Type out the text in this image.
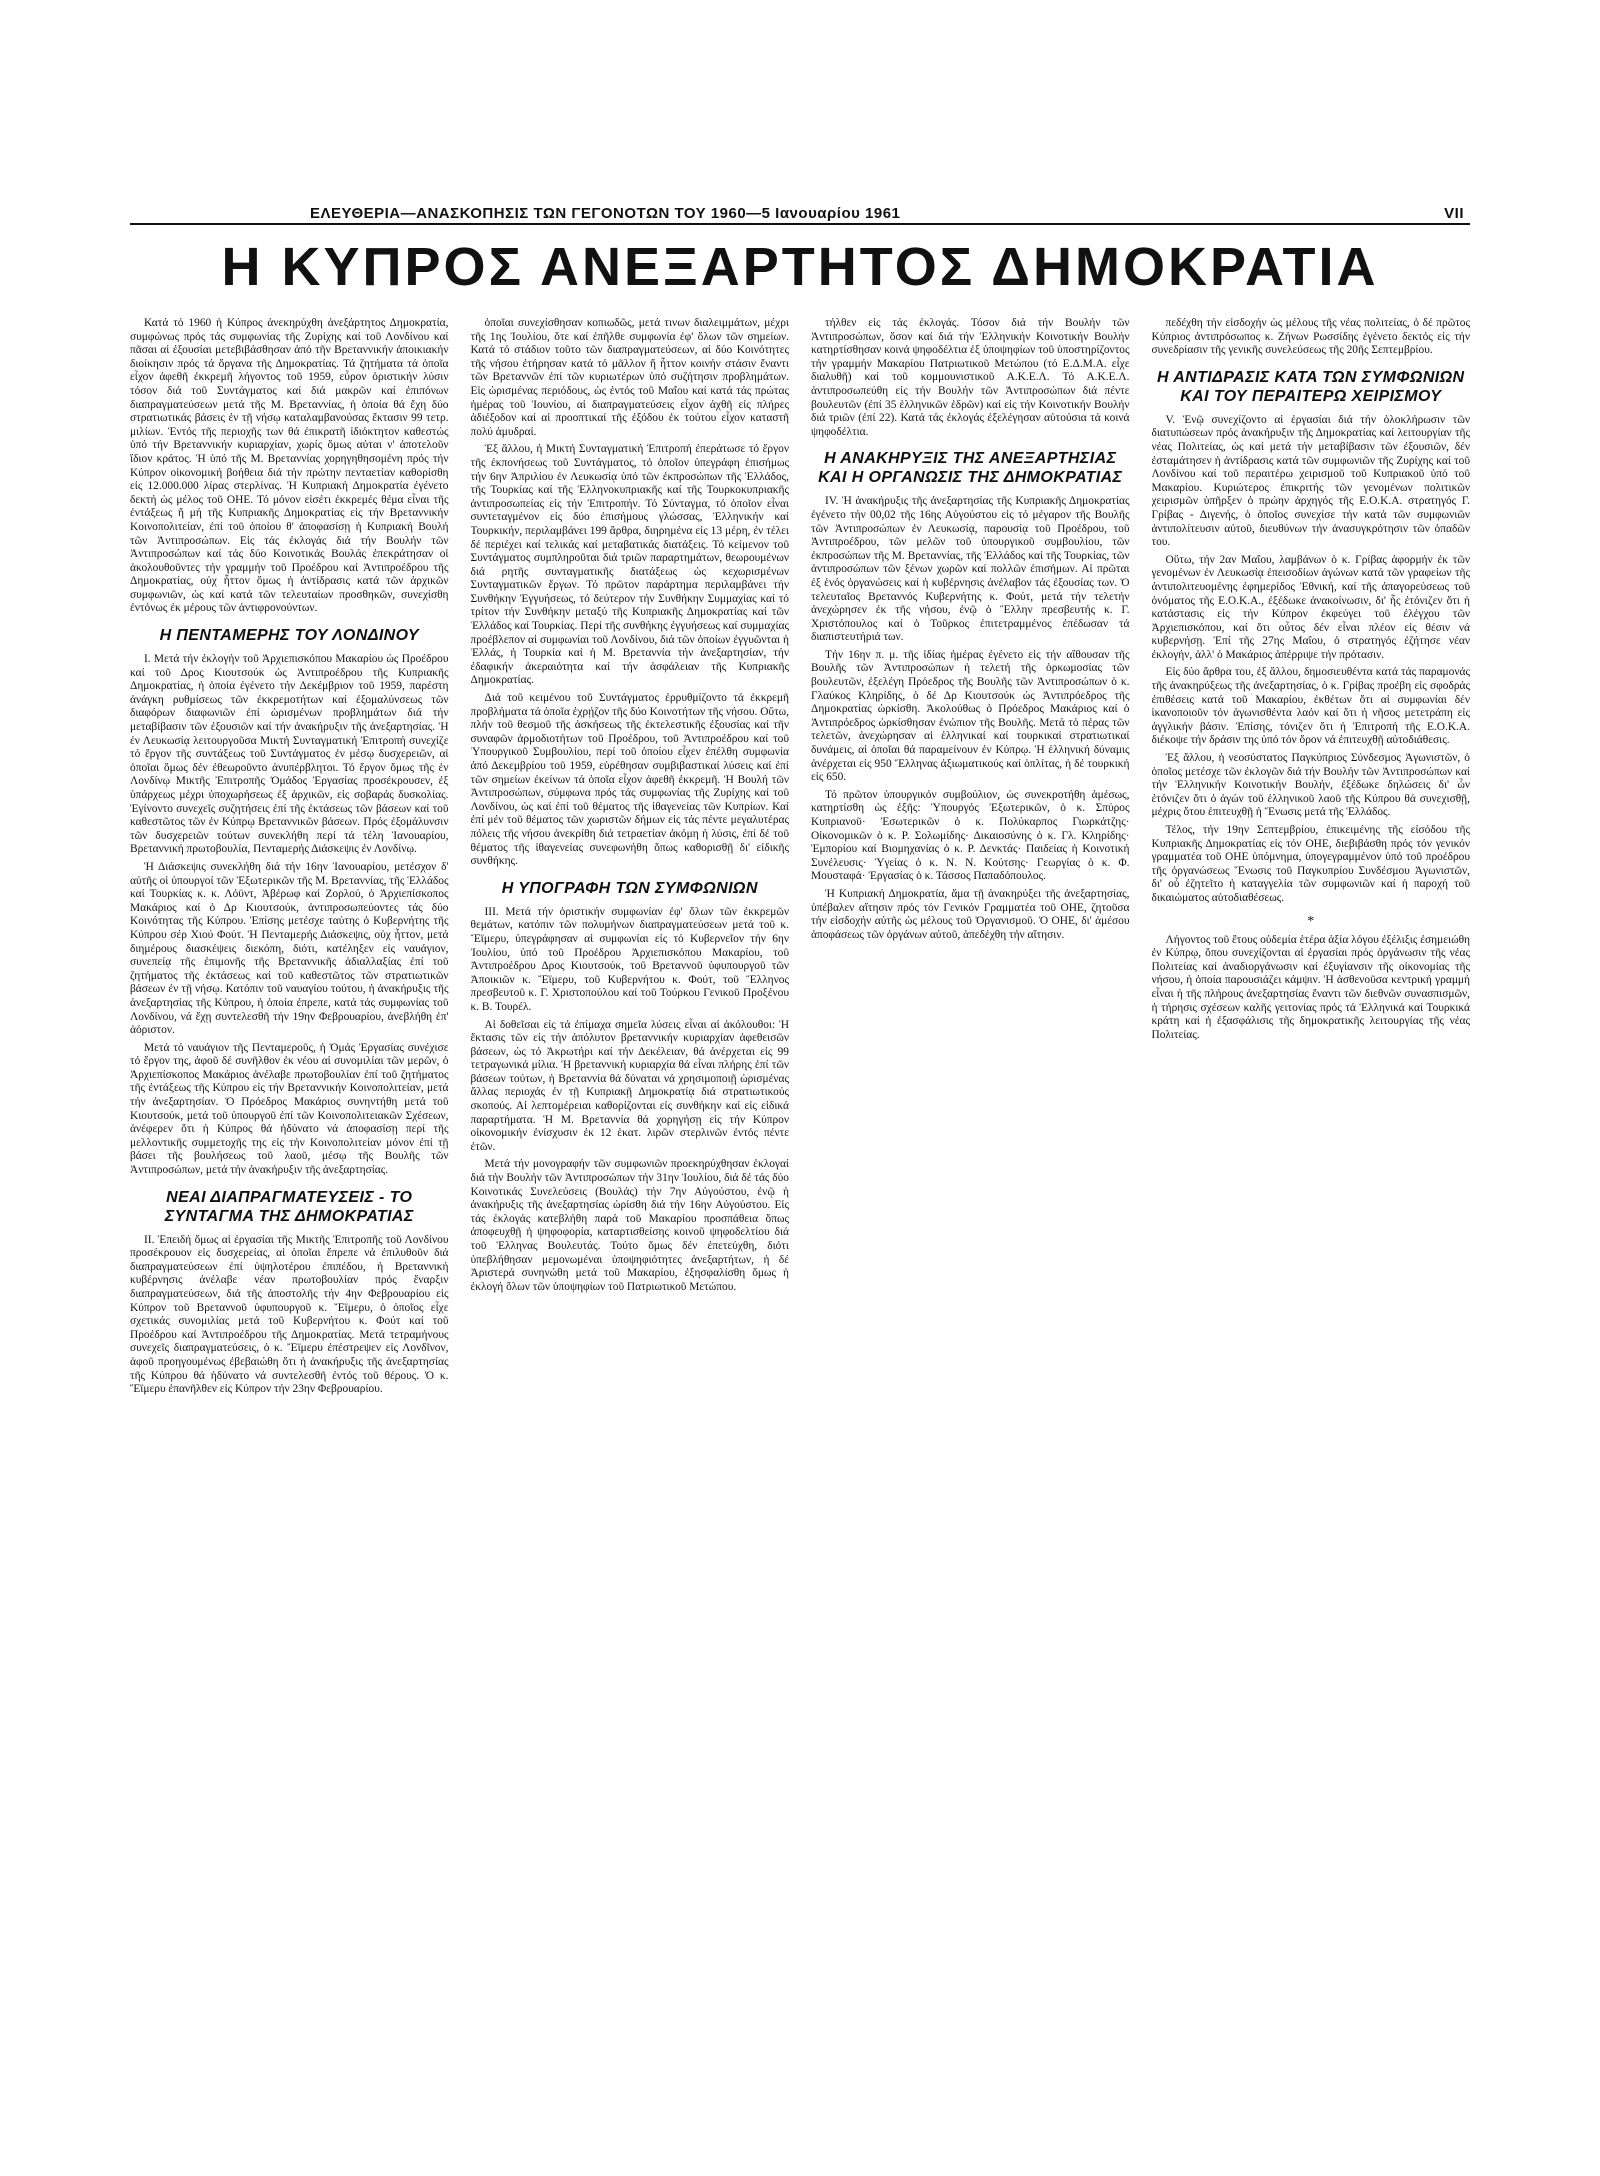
ΕΛΕΥΘΕΡΙΑ—ΑΝΑΣΚΟΠΗΣΙΣ ΤΩΝ ΓΕΓΟΝΟΤΩΝ ΤΟΥ 1960—5 Ιανουαρίου 1961	VII
Η ΚΥΠΡΟΣ ΑΝΕΞΑΡΤΗΤΟΣ ΔΗΜΟΚΡΑΤΙΑ

Κατά τό 1960 ἡ Κύπρος ἀνεκηρύχθη ἀνεξάρτητος Δημοκρατία, συμφώνως πρός τάς συμφωνίας τῆς Ζυρίχης καί τοῦ Λονδίνου καί πᾶσαι αἱ ἐξουσίαι μετεβιβάσθησαν ἀπό τῆν Βρεταννικήν ἀποικιακήν διοίκησιν πρός τά ὄργανα τῆς Δημοκρατίας. Τά ζητήματα τά ὁποῖα εἶχον ἀφεθῆ ἐκκρεμῆ λήγοντος τοῦ 1959, εὗρον ὁριστικήν λύσιν τόσον διά τοῦ Συντάγματος καί διά μακρῶν καί ἐπιπόνων διαπραγματεύσεων μετά τῆς Μ. Βρεταννίας, ἡ ὁποία θά ἔχη δύο στρατιωτικάς βάσεις ἐν τῇ νήσῳ καταλαμβανούσας ἔκτασιν 99 τετρ. μιλίων. Ἐντός τῆς περιοχῆς των θά ἐπικρατῆ ἰδιόκτητον καθεστώς ὑπό τήν Βρεταννικήν κυριαρχίαν, χωρίς ὅμως αὐται ν' ἀποτελοῦν ἴδιον κράτος. Ἡ ὑπό τῆς Μ. Βρεταννίας χορηγηθησομένη πρός τήν Κύπρον οἰκονομική βοήθεια διά τήν πρώτην πενταετίαν καθορίσθη εἰς 12.000.000 λίρας στερλίνας. Ἡ Κυπριακή Δημοκρατία ἐγένετο δεκτή ὡς μέλος τοῦ ΟΗΕ. Τό μόνον εἰσέτι ἐκκρεμές θέμα εἶναι τῆς ἐντάξεως ἤ μή τῆς Κυπριακῆς Δημοκρατίας εἰς τήν Βρεταννικήν Κοινοπολιτείαν, ἐπί τοῦ ὁποίου θ' ἀποφασίσῃ ἡ Κυπριακή Βουλή τῶν Ἀντιπροσώπων. Εἰς τάς ἐκλογάς διά τήν Βουλήν τῶν Ἀντιπροσώπων καί τάς δύο Κοινοτικάς Βουλάς ἐπεκράτησαν οἱ ἀκολουθοῦντες τήν γραμμήν τοῦ Προέδρου καί Ἀντιπροέδρου τῆς Δημοκρατίας, οὐχ ἧττον ὅμως ἡ ἀντίδρασις κατά τῶν ἀρχικῶν συμφωνιῶν, ὡς καί κατά τῶν τελευταίων προσθηκῶν, συνεχίσθη ἐντόνως ἐκ μέρους τῶν ἀντιφρονούντων.

Η ΠΕΝΤΑΜΕΡΗΣ ΤΟΥ ΛΟΝΔΙΝΟΥ

Ι. Μετά τήν ἐκλογήν τοῦ Ἀρχιεπισκόπου Μακαρίου ὡς Προέδρου καί τοῦ Δρος Κιουτσούκ ὡς Ἀντιπροέδρου τῆς Κυπριακῆς Δημοκρατίας, ἡ ὁποία ἐγένετο τήν Δεκέμβριον τοῦ 1959, παρέστη ἀνάγκη ρυθμίσεως τῶν ἐκκρεμοτήτων καί ἐξομαλύνσεως τῶν διαφόρων διαφωνιῶν ἐπί ὡρισμένων προβλημάτων διά τήν μεταβίβασιν τῶν ἐξουσιῶν καί τήν ἀνακήρυξιν τῆς ἀνεξαρτησίας. Ἡ ἐν Λευκωσίᾳ λειτουργοῦσα Μικτή Συνταγματική Ἐπιτροπή συνεχίζε τό ἔργον τῆς συντάξεως τοῦ Συντάγματος ἐν μέσῳ δυσχερειῶν, αἱ ὁποῖαι ὅμως δέν ἐθεωροῦντο ἀνυπέρβλητοι. Τό ἔργον ὅμως τῆς ἐν Λονδίνῳ Μικτῆς Ἐπιτροπῆς Ὁμάδος Ἐργασίας προσέκρουσεν, ἐξ ὑπάρχεως μέχρι ὑποχωρήσεως ἐξ ἀρχικῶν, εἰς σοβαράς δυσκολίας. Ἐγίνοντο συνεχεῖς συζητήσεις ἐπί τῆς ἐκτάσεως τῶν βάσεων καί τοῦ καθεστῶτος τῶν ἐν Κύπρῳ Βρεταννικῶν βάσεων. Πρός ἐξομάλυνσιν τῶν δυσχερειῶν τούτων συνεκλήθη περί τά τέλη Ἰανουαρίου, Βρεταννική πρωτοβουλία, Πενταμερής Διάσκεψις ἐν Λονδίνῳ.

Ἡ Διάσκεψις συνεκλήθη διά τήν 16ην Ἰανουαρίου, μετέσχον δ' αὐτῆς οἱ ὑπουργοί τῶν Ἐξωτερικῶν τῆς Μ. Βρεταννίας, τῆς Ἑλλάδος καί Τουρκίας κ. κ. Λόϋντ, Ἀβέρωφ καί Ζορλού, ὁ Ἀρχιεπίσκοπος Μακάριος καί ὁ Δρ Κιουτσούκ, ἀντιπροσωπεύοντες τάς δύο Κοινότητας τῆς Κύπρου. Ἐπίσης μετέσχε ταύτης ὁ Κυβερνήτης τῆς Κύπρου σέρ Χιού Φούτ. Ἡ Πενταμερής Διάσκεψις, οὐχ ἧττον, μετά διημέρους διασκέψεις διεκόπη, διότι, κατέληξεν εἰς ναυάγιον, συνεπείᾳ τῆς ἐπιμονῆς τῆς Βρεταννικῆς ἀδιαλλαξίας ἐπί τοῦ ζητήματος τῆς ἐκτάσεως καί τοῦ καθεστῶτος τῶν στρατιωτικῶν βάσεων ἐν τῇ νήσῳ. Κατόπιν τοῦ ναυαγίου τούτου, ἡ ἀνακήρυξις τῆς ἀνεξαρτησίας τῆς Κύπρου, ἡ ὁποία ἐπρεπε, κατά τάς συμφωνίας τοῦ Λονδίνου, νά ἔχῃ συντελεσθῆ τήν 19ην Φεβρουαρίου, ἀνεβλήθη ἐπ' ἀόριστον.

Μετά τό ναυάγιον τῆς Πενταμεροῦς, ἡ Ὁμάς Ἐργασίας συνέχισε τό ἔργον της, ἀφοῦ δέ συνῆλθον ἐκ νέου αἱ συνομιλίαι τῶν μερῶν, ὁ Ἀρχιεπίσκοπος Μακάριος ἀνέλαβε πρωτοβουλίαν ἐπί τοῦ ζητήματος τῆς ἐντάξεως τῆς Κύπρου εἰς τήν Βρεταννικήν Κοινοπολιτείαν, μετά τήν ἀνεξαρτησίαν. Ὁ Πρόεδρος Μακάριος συνηντήθη μετά τοῦ Κιουτσούκ, μετά τοῦ ὑπουργοῦ ἐπί τῶν Κοινοπολιτειακῶν Σχέσεων, ἀνέφερεν ὅτι ἡ Κύπρος θά ἠδύνατο νά ἀποφασίσῃ περί τῆς μελλοντικῆς συμμετοχῆς της εἰς τήν Κοινοπολιτείαν μόνον ἐπί τῇ βάσει τῆς βουλήσεως τοῦ λαοῦ, μέσῳ τῆς Βουλῆς τῶν Ἀντιπροσώπων, μετά τήν ἀνακήρυξιν τῆς ἀνεξαρτησίας.

ΝΕΑΙ ΔΙΑΠΡΑΓΜΑΤΕΥΣΕΙΣ - ΤΟ ΣΥΝΤΑΓΜΑ ΤΗΣ ΔΗΜΟΚΡΑΤΙΑΣ

ΙΙ. Ἐπειδή ὅμως αἱ ἐργασίαι τῆς Μικτῆς Ἐπιτροπῆς τοῦ Λονδίνου προσέκρουον εἰς δυσχερείας, αἱ ὁποῖαι ἔπρεπε νά ἐπιλυθοῦν διά διαπραγματεύσεων ἐπί ὑψηλοτέρου ἐπιπέδου, ἡ Βρεταννική κυβέρνησις ἀνέλαβε νέαν πρωτοβουλίαν πρός ἔναρξιν διαπραγματεύσεων, διά τῆς ἀποστολῆς τήν 4ην Φεβρουαρίου εἰς Κύπρον τοῦ Βρεταννοῦ ὑφυπουργοῦ κ. Ἔϊμερυ, ὁ ὁποῖος εἶχε σχετικάς συνομιλίας μετά τοῦ Κυβερνήτου κ. Φούτ καί τοῦ Προέδρου καί Ἀντιπροέδρου τῆς Δημοκρατίας. Μετά τετραμήνους συνεχεῖς διαπραγματεύσεις, ὁ κ. Ἔϊμερυ ἐπέστρεψεν εἰς Λονδῖνον, ἀφοῦ προηγουμένως ἐβεβαιώθη ὅτι ἡ ἀνακήρυξις τῆς ἀνεξαρτησίας τῆς Κύπρου θά ἠδύνατο νά συντελεσθῆ ἐντός τοῦ θέρους. Ὁ κ. Ἔϊμερυ ἐπανῆλθεν εἰς Κύπρον τήν 23ην Φεβρουαρίου.

ὁποῖαι συνεχίσθησαν κοπιωδῶς, μετά τινων διαλειμμάτων, μέχρι τῆς 1ης Ἰουλίου, ὅτε καί ἐπῆλθε συμφωνία ἐφ' ὅλων τῶν σημείων. Κατά τό στάδιον τοῦτο τῶν διαπραγματεύσεων, αἱ δύο Κοινότητες τῆς νήσου ἐτήρησαν κατά τό μᾶλλον ἤ ἧττον κοινήν στάσιν ἔναντι τῶν Βρεταννῶν ἐπί τῶν κυριωτέρων ὑπό συζήτησιν προβλημάτων. Εἰς ὡρισμένας περιόδους, ὡς ἐντός τοῦ Μαΐου καί κατά τάς πρώτας ἡμέρας τοῦ Ἰουνίου, αἱ διαπραγματεύσεις εἶχον ἀχθῆ εἰς πλήρες ἀδιέξοδον καί αἱ προοπτικαί τῆς ἐξόδου ἐκ τούτου εἶχον καταστῆ πολύ ἀμυδραί.

Ἐξ ἄλλου, ἡ Μικτή Συνταγματική Ἐπιτροπή ἐπεράτωσε τό ἔργον τῆς ἐκπονήσεως τοῦ Συντάγματος, τό ὁποῖον ὑπεγράφη ἐπισήμως τήν 6ην Ἀπριλίου ἐν Λευκωσίᾳ ὑπό τῶν ἐκπροσώπων τῆς Ἑλλάδος, τῆς Τουρκίας καί τῆς Ἑλληνοκυπριακῆς καί τῆς Τουρκοκυπριακῆς ἀντιπροσωπείας εἰς τήν Ἐπιτροπήν. Τό Σύνταγμα, τό ὁποῖον εἶναι συντεταγμένον εἰς δύο ἐπισήμους γλώσσας, Ἑλληνικήν καί Τουρκικήν, περιλαμβάνει 199 ἄρθρα, διηρημένα εἰς 13 μέρη, ἐν τέλει δέ περιέχει καί τελικάς καί μεταβατικάς διατάξεις. Τό κείμενον τοῦ Συντάγματος συμπληροῦται διά τριῶν παραρτημάτων, θεωρουμένων διά ρητῆς συνταγματικῆς διατάξεως ὡς κεχωρισμένων Συνταγματικῶν ἔργων. Τό πρῶτον παράρτημα περιλαμβάνει τήν Συνθήκην Ἐγγυήσεως, τό δεύτερον τήν Συνθήκην Συμμαχίας καί τό τρίτον τήν Συνθήκην μεταξύ τῆς Κυπριακῆς Δημοκρατίας καί τῶν Ἐλλάδος καί Τουρκίας. Περί τῆς συνθήκης ἐγγυήσεως καί συμμαχίας προέβλεπον αἱ συμφωνίαι τοῦ Λονδίνου, διά τῶν ὁποίων ἐγγυῶνται ἡ Ἑλλάς, ἡ Τουρκία καί ἡ Μ. Βρεταννία τήν ἀνεξαρτησίαν, τήν ἐδαφικήν ἀκεραιότητα καί τήν ἀσφάλειαν τῆς Κυπριακῆς Δημοκρατίας.

Διά τοῦ κειμένου τοῦ Συντάγματος ἐρρυθμίζοντο τά ἐκκρεμῆ προβλήματα τά ὁποῖα ἐχρῄζον τῆς δύο Κοινοτήτων τῆς νήσου. Οὕτω, πλήν τοῦ θεσμοῦ τῆς ἀσκήσεως τῆς ἐκτελεστικῆς ἐξουσίας καί τῆν συναφῶν ἁρμοδιοτήτων τοῦ Προέδρου, τοῦ Ἀντιπροέδρου καί τοῦ Ὑπουργικοῦ Συμβουλίου, περί τοῦ ὁποίου εἶχεν ἐπέλθη συμφωνία ἀπό Δεκεμβρίου τοῦ 1959, εὑρέθησαν συμβιβαστικαί λύσεις καί ἐπί τῶν σημείων ἐκείνων τά ὁποῖα εἶχον ἀφεθῆ ἐκκρεμῆ. Ἡ Βουλή τῶν Ἀντιπροσώπων, σύμφωνα πρός τάς συμφωνίας τῆς Ζυρίχης καί τοῦ Λονδίνου, ὡς καί ἐπί τοῦ θέματος τῆς ἰθαγενείας τῶν Κυπρίων. Καί ἐπί μέν τοῦ θέματος τῶν χωριστῶν δήμων εἰς τάς πέντε μεγαλυτέρας πόλεις τῆς νήσου ἀνεκρίθη διά τετραετίαν ἀκόμη ἡ λύσις, ἐπί δέ τοῦ θέματος τῆς ἰθαγενείας συνεφωνήθη ὅπως καθορισθῇ δι' εἰδικῆς συνθήκης.

Η ΥΠΟΓΡΑΦΗ ΤΩΝ ΣΥΜΦΩΝΙΩΝ

ΙΙΙ. Μετά τήν ὁριστικήν συμφωνίαν ἐφ' ὅλων τῶν ἐκκρεμῶν θεμάτων, κατόπιν τῶν πολυμήνων διαπραγματεύσεων μετά τοῦ κ. Ἔϊμερυ, ὑπεγράφησαν αἱ συμφωνίαι εἰς τό Κυβερνεῖον τήν 6ην Ἰουλίου, ὑπό τοῦ Προέδρου Ἀρχιεπισκόπου Μακαρίου, τοῦ Ἀντιπροέδρου Δρος Κιουτσούκ, τοῦ Βρεταννοῦ ὑφυπουργοῦ τῶν Ἀποικιῶν κ. Ἔϊμερυ, τοῦ Κυβερνήτου κ. Φούτ, τοῦ Ἕλληνος πρεσβευτοῦ κ. Γ. Χριστοπούλου καί τοῦ Τούρκου Γενικοῦ Προξένου κ. Β. Τουρέλ.

Αἱ δοθεῖσαι εἰς τά ἐπίμαχα σημεῖα λύσεις εἶναι αἱ ἀκόλουθοι: Ἡ ἔκτασις τῶν εἰς τήν ἀπόλυτον βρεταννικήν κυριαρχίαν ἀφεθεισῶν βάσεων, ὡς τό Ἀκρωτήρι καί τήν Δεκέλειαν, θά ἀνέρχεται εἰς 99 τετραγωνικά μίλια. Ἡ βρεταννική κυριαρχία θά εἶναι πλήρης ἐπί τῶν βάσεων τούτων, ἡ Βρεταννία θά δύναται νά χρησιμοποιῇ ὡρισμένας ἄλλας περιοχάς ἐν τῇ Κυπριακῇ Δημοκρατίᾳ διά στρατιωτικούς σκοπούς. Αἱ λεπτομέρειαι καθορίζονται εἰς συνθήκην καί εἰς εἰδικά παραρτήματα. Ἡ Μ. Βρεταννία θά χορηγήσῃ εἰς τήν Κύπρον οἰκονομικήν ἐνίσχυσιν ἐκ 12 ἑκατ. λιρῶν στερλινῶν ἐντός πέντε ἐτῶν.

Μετά τήν μονογραφήν τῶν συμφωνιῶν προεκηρύχθησαν ἐκλογαί διά τήν Βουλήν τῶν Ἀντιπροσώπων τήν 31ην Ἰουλίου, διά δέ τάς δύο Κοινοτικάς Συνελεύσεις (Βουλάς) τήν 7ην Αὐγούστου, ἐνῷ ἡ ἀνακήρυξις τῆς ἀνεξαρτησίας ὠρίσθη διά τήν 16ην Αὐγούστου. Εἰς τάς ἐκλογάς κατεβλήθη παρά τοῦ Μακαρίου προσπάθεια ὅπως ἀποφευχθῇ ἡ ψηφοφορία, καταρτισθείσης κοινοῦ ψηφοδελτίου διά τοῦ Ἑλληνας Βουλευτάς. Τούτο ὅμως δέν ἐπετεύχθη, διότι ὑπεβλήθησαν μεμονωμέναι ὑποψηφιότητες ἀνεξαρτήτων, ἡ δέ Ἀριστερά συνηνώθη μετά τοῦ Μακαρίου, ἐξησφαλίσθη ὅμως ἡ ἐκλογή ὅλων τῶν ὑποψηφίων τοῦ Πατριωτικοῦ Μετώπου.

τήλθεν εἰς τάς ἐκλογάς. Τόσον διά τήν Βουλήν τῶν Ἀντιπροσώπων, ὅσον καί διά τήν Ἑλληνικήν Κοινοτικήν Βουλήν κατηρτίσθησαν κοινά ψηφοδέλτια ἐξ ὑποψηφίων τοῦ ὑποστηρίζοντος τήν γραμμήν Μακαρίου Πατριωτικοῦ Μετώπου (τό Ε.Δ.Μ.Α. εἶχε διαλυθῆ) καί τοῦ κομμουνιστικοῦ Α.Κ.Ε.Λ. Τό Α.Κ.Ε.Λ. ἀντιπροσωπεύθη εἰς τήν Βουλήν τῶν Ἀντιπροσώπων διά πέντε βουλευτῶν (ἐπί 35 ἑλληνικῶν ἑδρῶν) καί εἰς τήν Κοινοτικήν Βουλήν διά τριῶν (ἐπί 22). Κατά τάς ἐκλογάς ἐξελέγησαν αὐτούσια τά κοινά ψηφοδέλτια.

Η ΑΝΑΚΗΡΥΞΙΣ ΤΗΣ ΑΝΕΞΑΡΤΗΣΙΑΣ ΚΑΙ Η ΟΡΓΑΝΩΣΙΣ ΤΗΣ ΔΗΜΟΚΡΑΤΙΑΣ

ΙV. Ἡ ἀνακήρυξις τῆς ἀνεξαρτησίας τῆς Κυπριακῆς Δημοκρατίας ἐγένετο τήν 00,02 τῆς 16ης Αὐγούστου εἰς τό μέγαρον τῆς Βουλῆς τῶν Ἀντιπροσώπων ἐν Λευκωσίᾳ, παρουσίᾳ τοῦ Προέδρου, τοῦ Ἀντιπροέδρου, τῶν μελῶν τοῦ ὑπουργικοῦ συμβουλίου, τῶν ἐκπροσώπων τῆς Μ. Βρεταννίας, τῆς Ἑλλάδος καί τῆς Τουρκίας, τῶν ἀντιπροσώπων τῶν ξένων χωρῶν καί πολλῶν ἐπισήμων. Αἱ πρῶται ἐξ ἑνός ὀργανώσεις καί ἡ κυβέρνησις ἀνέλαβον τάς ἐξουσίας των. Ὁ τελευταῖος Βρεταννός Κυβερνήτης κ. Φούτ, μετά τήν τελετήν ἀνεχώρησεν ἐκ τῆς νήσου, ἐνῷ ὁ Ἕλλην πρεσβευτής κ. Γ. Χριστόπουλος καί ὁ Τοῦρκος ἐπιτετραμμένος ἐπέδωσαν τά διαπιστευτήριά των.

Τήν 16ην π. μ. τῆς ἰδίας ἡμέρας ἐγένετο εἰς τήν αἴθουσαν τῆς Βουλῆς τῶν Ἀντιπροσώπων ἡ τελετή τῆς ὁρκωμοσίας τῶν βουλευτῶν, ἐξελέγη Πρόεδρος τῆς Βουλῆς τῶν Ἀντιπροσώπων ὁ κ. Γλαύκος Κληρίδης, ὁ δέ Δρ Κιουτσούκ ὡς Ἀντιπρόεδρος τῆς Δημοκρατίας ὠρκίσθη. Ἀκολούθως ὁ Πρόεδρος Μακάριος καί ὁ Ἀντιπρόεδρος ὡρκίσθησαν ἐνώπιον τῆς Βουλῆς. Μετά τό πέρας τῶν τελετῶν, ἀνεχώρησαν αἱ ἑλληνικαί καί τουρκικαί στρατιωτικαί δυνάμεις, αἱ ὁποῖαι θά παραμείνουν ἐν Κύπρῳ. Ἡ ἑλληνική δύναμις ἀνέρχεται εἰς 950 Ἕλληνας ἀξιωματικούς καί ὁπλίτας, ἡ δέ τουρκική εἰς 650.

Τό πρῶτον ὑπουργικόν συμβούλιον, ὡς συνεκροτήθη ἀμέσως, κατηρτίσθη ὡς ἑξῆς: Ὑπουργός Ἐξωτερικῶν, ὁ κ. Σπύρος Κυπριανοῦ· Ἐσωτερικῶν ὁ κ. Πολύκαρπος Γιωρκάτζης· Οἰκονομικῶν ὁ κ. Ρ. Σολωμίδης· Δικαιοσύνης ὁ κ. Γλ. Κληρίδης· Ἐμπορίου καί Βιομηχανίας ὁ κ. Ρ. Δενκτάς· Παιδείας ἡ Κοινοτική Συνέλευσις· Ὑγείας ὁ κ. Ν. Ν. Κούτσης· Γεωργίας ὁ κ. Φ. Μουσταφά· Ἐργασίας ὁ κ. Τάσσος Παπαδόπουλος.

Ἡ Κυπριακή Δημοκρατία, ἅμα τῇ ἀνακηρύξει τῆς ἀνεξαρτησίας, ὑπέβαλεν αἴτησιν πρός τόν Γενικόν Γραμματέα τοῦ ΟΗΕ, ζητοῦσα τήν εἰσδοχήν αὐτῆς ὡς μέλους τοῦ Ὀργανισμοῦ. Ὁ ΟΗΕ, δι' ἀμέσου ἀποφάσεως τῶν ὀργάνων αὐτοῦ, ἀπεδέχθη τήν αἴτησιν.

πεδέχθη τήν εἰσδοχήν ὡς μέλους τῆς νέας πολιτείας, ὁ δέ πρῶτος Κύπριος ἀντιπρόσωπος κ. Ζήνων Ρωσσίδης ἐγένετο δεκτός εἰς τήν συνεδρίασιν τῆς γενικῆς συνελεύσεως τῆς 20ῆς Σεπτεμβρίου.

Η ΑΝΤΙΔΡΑΣΙΣ ΚΑΤΑ ΤΩΝ ΣΥΜΦΩΝΙΩΝ ΚΑΙ ΤΟΥ ΠΕΡΑΙΤΕΡΩ ΧΕΙΡΙΣΜΟΥ

V. Ἐνῷ συνεχίζοντο αἱ ἐργασίαι διά τήν ὁλοκλήρωσιν τῶν διατυπώσεων πρός ἀνακήρυξιν τῆς Δημοκρατίας καί λειτουργίαν τῆς νέας Πολιτείας, ὡς καί μετά τήν μεταβίβασιν τῶν ἐξουσιῶν, δέν ἐσταμάτησεν ἡ ἀντίδρασις κατά τῶν συμφωνιῶν τῆς Ζυρίχης καί τοῦ Λονδίνου καί τοῦ περαιτέρω χειρισμοῦ τοῦ Κυπριακοῦ ὑπό τοῦ Μακαρίου. Κυριώτερος ἐπικριτής τῶν γενομένων πολιτικῶν χειρισμῶν ὑπῆρξεν ὁ πρώην ἀρχηγός τῆς Ε.Ο.Κ.Α. στρατηγός Γ. Γρίβας - Διγενής, ὁ ὁποῖος συνεχίσε τήν κατά τῶν συμφωνιῶν ἀντιπολίτευσιν αὐτοῦ, διευθύνων τήν ἀνασυγκρότησιν τῶν ὀπαδῶν του.

Οὕτω, τήν 2αν Μαΐου, λαμβάνων ὁ κ. Γρίβας ἀφορμήν ἐκ τῶν γενομένων ἐν Λευκωσίᾳ ἐπεισοδίων ἀγώνων κατά τῶν γραφείων τῆς ἀντιπολιτευομένης ἐφημερίδος Ἐθνική, καί τῆς ἀπαγορεύσεως τοῦ ὀνόματος τῆς Ε.Ο.Κ.Α., ἐξέδωκε ἀνακοίνωσιν, δι' ἧς ἐτόνιζεν ὅτι ἡ κατάστασις εἰς τήν Κύπρον ἐκφεύγει τοῦ ἐλέγχου τῶν Ἀρχιεπισκόπου, καί ὅτι οὗτος δέν εἶναι πλέον εἰς θέσιν νά κυβερνήσῃ. Ἐπί τῆς 27ης Μαΐου, ὁ στρατηγός ἐζήτησε νέαν ἐκλογήν, ἀλλ' ὁ Μακάριος ἀπέρριψε τήν πρότασιν.

Εἰς δύο ἄρθρα του, ἐξ ἄλλου, δημοσιευθέντα κατά τάς παραμονάς τῆς ἀνακηρύξεως τῆς ἀνεξαρτησίας, ὁ κ. Γρίβας προέβη εἰς σφοδράς ἐπιθέσεις κατά τοῦ Μακαρίου, ἐκθέτων ὅτι αἱ συμφωνίαι δέν ἱκανοποιοῦν τόν ἀγωνισθέντα λαόν καί ὅτι ἡ νῆσος μετετράπη εἰς ἀγγλικήν βάσιν. Ἐπίσης, τόνιζεν ὅτι ἡ Ἐπιτροπή τῆς Ε.Ο.Κ.Α. διέκοψε τήν δράσιν της ὑπό τόν ὅρον νά ἐπιτευχθῇ αὐτοδιάθεσις.

Ἐξ ἄλλου, ἡ νεοσύστατος Παγκύπριος Σύνδεσμος Ἀγωνιστῶν, ὁ ὁποῖος μετέσχε τῶν ἐκλογῶν διά τήν Βουλήν τῶν Ἀντιπροσώπων καί τήν Ἑλληνικήν Κοινοτικήν Βουλήν, ἐξέδωκε δηλώσεις δι' ὧν ἐτόνιζεν ὅτι ὁ ἀγών τοῦ ἑλληνικοῦ λαοῦ τῆς Κύπρου θά συνεχισθῇ, μέχρις ὅτου ἐπιτευχθῇ ἡ Ἕνωσις μετά τῆς Ἑλλάδος.

Τέλος, τήν 19ην Σεπτεμβρίου, ἐπικειμένης τῆς εἰσόδου τῆς Κυπριακῆς Δημοκρατίας εἰς τόν ΟΗΕ, διεβιβάσθη πρός τόν γενικόν γραμματέα τοῦ ΟΗΕ ὑπόμνημα, ὑπογεγραμμένον ὑπό τοῦ προέδρου τῆς ὀργανώσεως Ἕνωσις τοῦ Παγκυπρίου Συνδέσμου Ἀγωνιστῶν, δι' οὗ ἐζητεῖτο ἡ καταγγελία τῶν συμφωνιῶν καί ἡ παροχή τοῦ δικαιώματος αὐτοδιαθέσεως.

*

Λήγοντος τοῦ ἔτους οὐδεμία ἑτέρα ἀξία λόγου ἐξέλιξις ἐσημειώθη ἐν Κύπρῳ, ὅπου συνεχίζονται αἱ ἐργασίαι πρός ὀργάνωσιν τῆς νέας Πολιτείας καί ἀναδιοργάνωσιν καί ἐξυγίανσιν τῆς οἰκονομίας τῆς νήσου, ἡ ὁποία παρουσιάζει κάμψιν. Ἡ ἀσθενοῦσα κεντρική γραμμή εἶναι ἡ τῆς πλήρους ἀνεξαρτησίας ἔναντι τῶν διεθνῶν συνασπισμῶν, ἡ τήρησις σχέσεων καλῆς γειτονίας πρός τά Ἑλληνικά καί Τουρκικά κράτη καί ἡ ἐξασφάλισις τῆς δημοκρατικῆς λειτουργίας τῆς νέας Πολιτείας.
